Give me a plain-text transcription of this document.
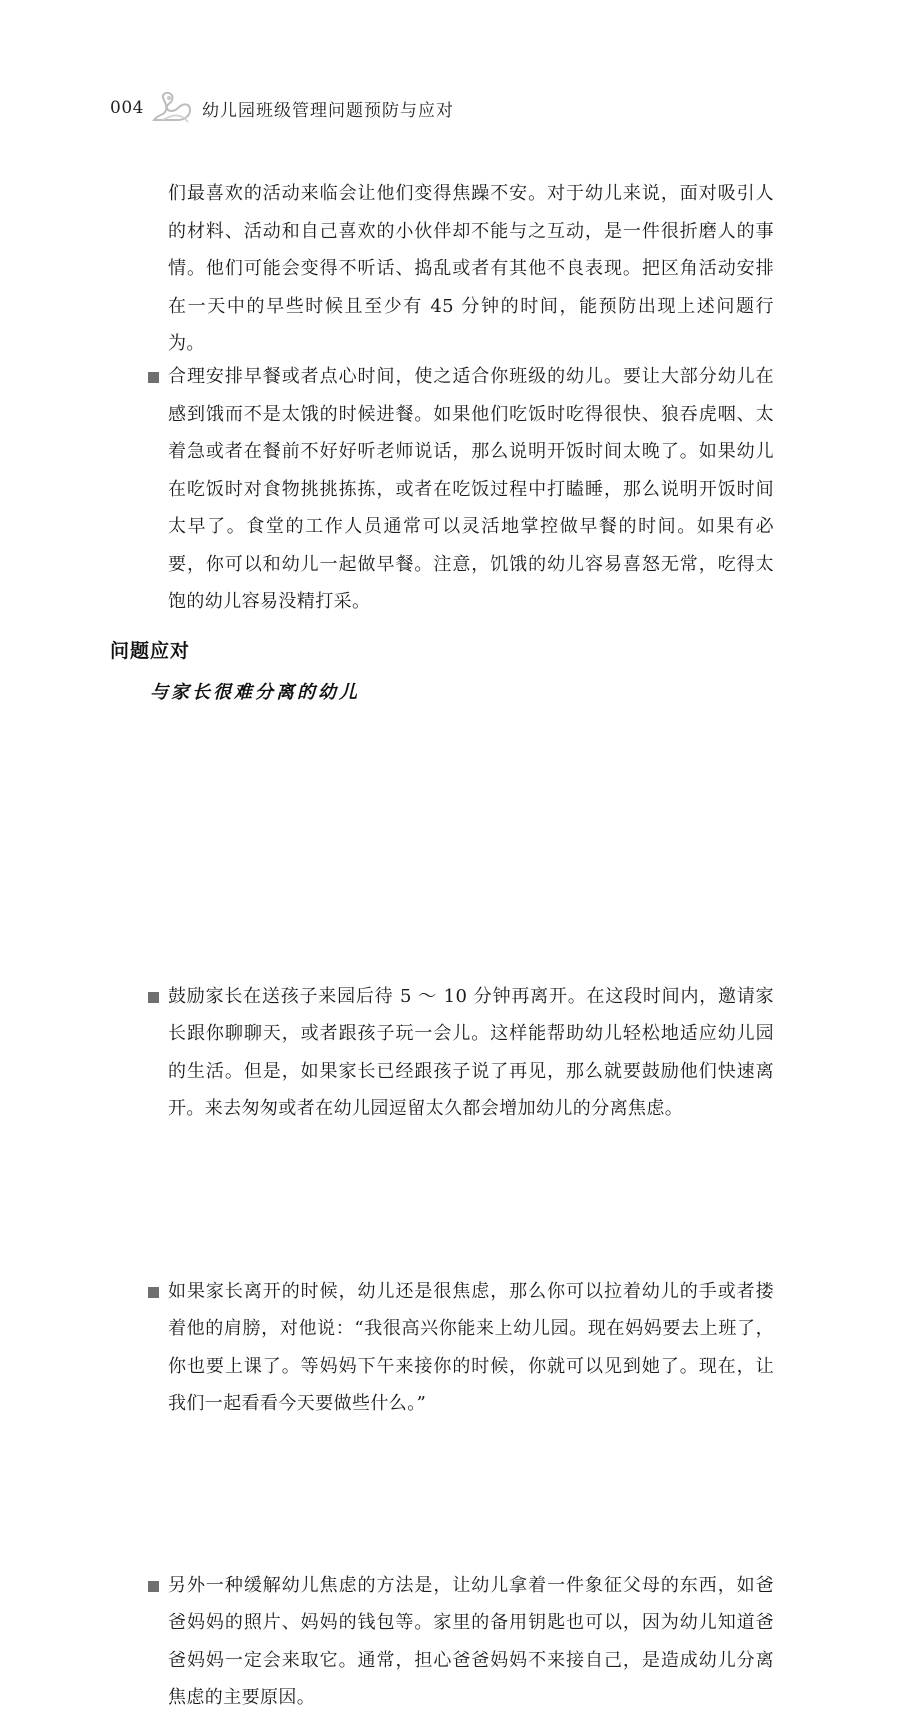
004	幼儿园班级管理问题预防与应对

们最喜欢的活动来临会让他们变得焦躁不安。对于幼儿来说，面对吸引人的材料、活动和自己喜欢的小伙伴却不能与之互动，是一件很折磨人的事情。他们可能会变得不听话、捣乱或者有其他不良表现。把区角活动安排在一天中的早些时候且至少有 45 分钟的时间，能预防出现上述问题行为。

合理安排早餐或者点心时间，使之适合你班级的幼儿。要让大部分幼儿在感到饿而不是太饿的时候进餐。如果他们吃饭时吃得很快、狼吞虎咽、太着急或者在餐前不好好听老师说话，那么说明开饭时间太晚了。如果幼儿在吃饭时对食物挑挑拣拣，或者在吃饭过程中打瞌睡，那么说明开饭时间太早了。食堂的工作人员通常可以灵活地掌控做早餐的时间。如果有必要，你可以和幼儿一起做早餐。注意，饥饿的幼儿容易喜怒无常，吃得太饱的幼儿容易没精打采。

问题应对
与家长很难分离的幼儿

鼓励家长在送孩子来园后待 5 ～ 10 分钟再离开。在这段时间内，邀请家长跟你聊聊天，或者跟孩子玩一会儿。这样能帮助幼儿轻松地适应幼儿园的生活。但是，如果家长已经跟孩子说了再见，那么就要鼓励他们快速离开。来去匆匆或者在幼儿园逗留太久都会增加幼儿的分离焦虑。

如果家长离开的时候，幼儿还是很焦虑，那么你可以拉着幼儿的手或者搂着他的肩膀，对他说：“我很高兴你能来上幼儿园。现在妈妈要去上班了，你也要上课了。等妈妈下午来接你的时候，你就可以见到她了。现在，让我们一起看看今天要做些什么。”

另外一种缓解幼儿焦虑的方法是，让幼儿拿着一件象征父母的东西，如爸爸妈妈的照片、妈妈的钱包等。家里的备用钥匙也可以，因为幼儿知道爸爸妈妈一定会来取它。通常，担心爸爸妈妈不来接自己，是造成幼儿分离焦虑的主要原因。
